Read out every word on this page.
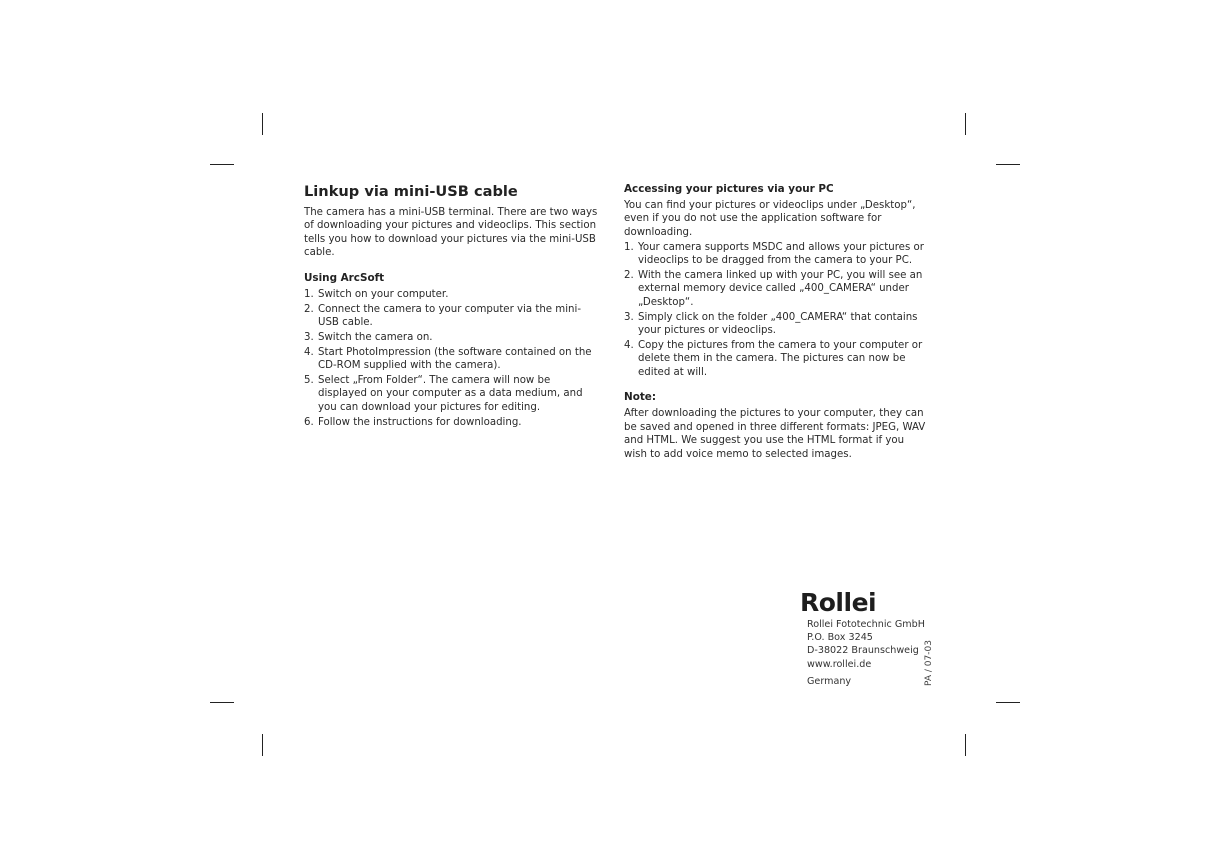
Linkup via mini-USB cable

The camera has a mini-USB terminal. There are two ways of downloading your pictures and videoclips. This section tells you how to download your pictures via the mini-USB cable.

Using ArcSoft
1. Switch on your computer.
2. Connect the camera to your computer via the mini-USB cable.
3. Switch the camera on.
4. Start PhotoImpression (the software contained on the CD-ROM supplied with the camera).
5. Select „From Folder“. The camera will now be displayed on your computer as a data medium, and you can download your pictures for editing.
6. Follow the instructions for downloading.
Accessing your pictures via your PC

You can find your pictures or videoclips under „Desktop“, even if you do not use the application software for downloading.

1. Your camera supports MSDC and allows your pictures or videoclips to be dragged from the camera to your PC.
2. With the camera linked up with your PC, you will see an external memory device called „400_CAMERA“ under „Desktop“.
3. Simply click on the folder „400_CAMERA“ that contains your pictures or videoclips.
4. Copy the pictures from the camera to your computer or delete them in the camera. The pictures can now be edited at will.
Note:

After downloading the pictures to your computer, they can be saved and opened in three different formats: JPEG, WAV and HTML. We suggest you use the HTML format if you wish to add voice memo to selected images.

Rollei
Rollei Fototechnic GmbH
P.O. Box 3245
D-38022 Braunschweig
www.rollei.de
Germany	PA / 07-03
